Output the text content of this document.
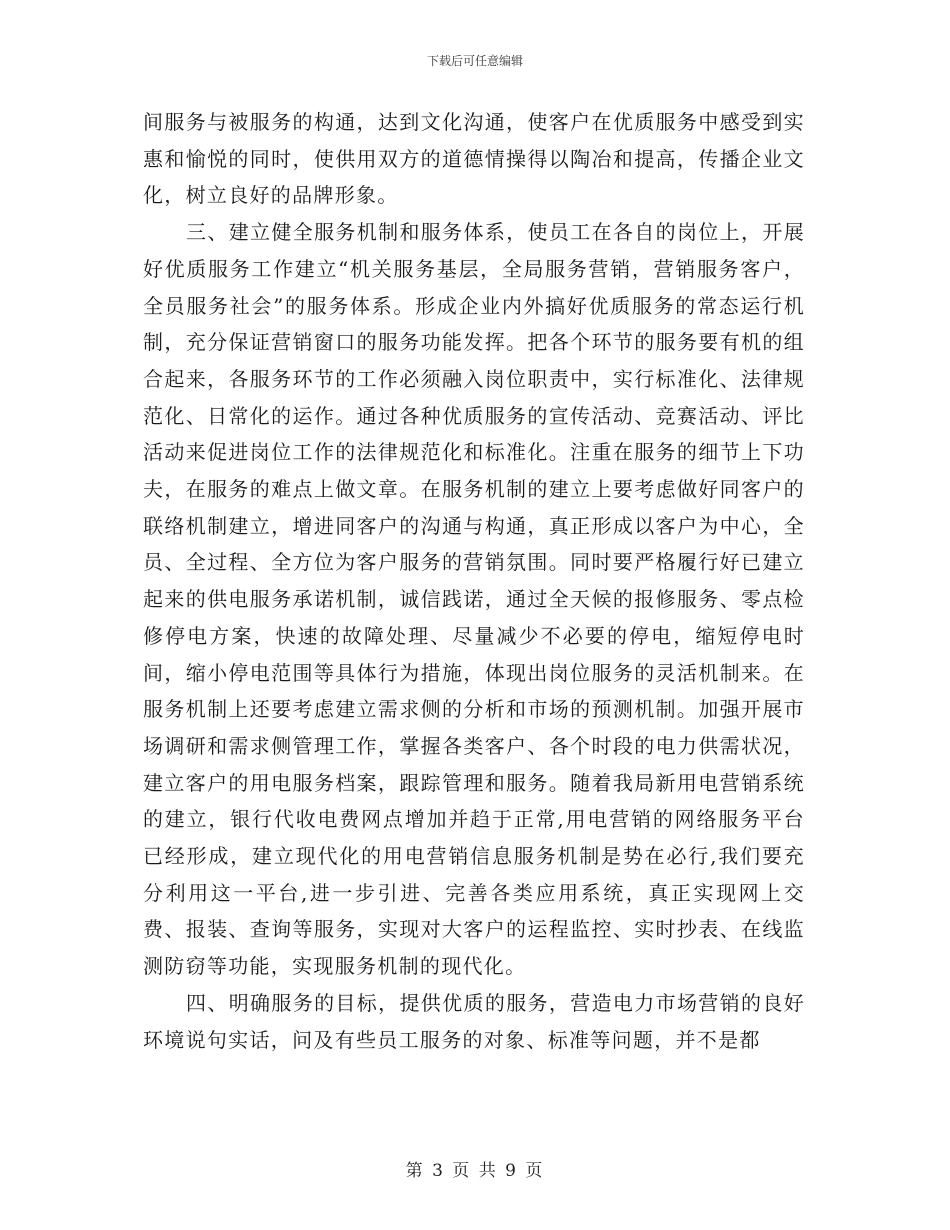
下载后可任意编辑

间服务与被服务的构通，达到文化沟通，使客户在优质服务中感受到实惠和愉悦的同时，使供用双方的道德情操得以陶冶和提高，传播企业文化，树立良好的品牌形象。

三、建立健全服务机制和服务体系，使员工在各自的岗位上，开展好优质服务工作建立“机关服务基层，全局服务营销，营销服务客户，全员服务社会”的服务体系。形成企业内外搞好优质服务的常态运行机制，充分保证营销窗口的服务功能发挥。把各个环节的服务要有机的组合起来，各服务环节的工作必须融入岗位职责中，实行标准化、法律规范化、日常化的运作。通过各种优质服务的宣传活动、竞赛活动、评比活动来促进岗位工作的法律规范化和标准化。注重在服务的细节上下功夫，在服务的难点上做文章。在服务机制的建立上要考虑做好同客户的联络机制建立，增进同客户的沟通与构通，真正形成以客户为中心，全员、全过程、全方位为客户服务的营销氛围。同时要严格履行好已建立起来的供电服务承诺机制，诚信践诺，通过全天候的报修服务、零点检修停电方案，快速的故障处理、尽量减少不必要的停电，缩短停电时间，缩小停电范围等具体行为措施，体现出岗位服务的灵活机制来。在服务机制上还要考虑建立需求侧的分析和市场的预测机制。加强开展市场调研和需求侧管理工作，掌握各类客户、各个时段的电力供需状况，建立客户的用电服务档案，跟踪管理和服务。随着我局新用电营销系统的建立，银行代收电费网点增加并趋于正常,用电营销的网络服务平台已经形成，建立现代化的用电营销信息服务机制是势在必行,我们要充分利用这一平台,进一步引进、完善各类应用系统，真正实现网上交费、报装、查询等服务，实现对大客户的运程监控、实时抄表、在线监测防窃等功能，实现服务机制的现代化。

四、明确服务的目标，提供优质的服务，营造电力市场营销的良好环境说句实话，问及有些员工服务的对象、标准等问题，并不是都

第 3 页 共 9 页
